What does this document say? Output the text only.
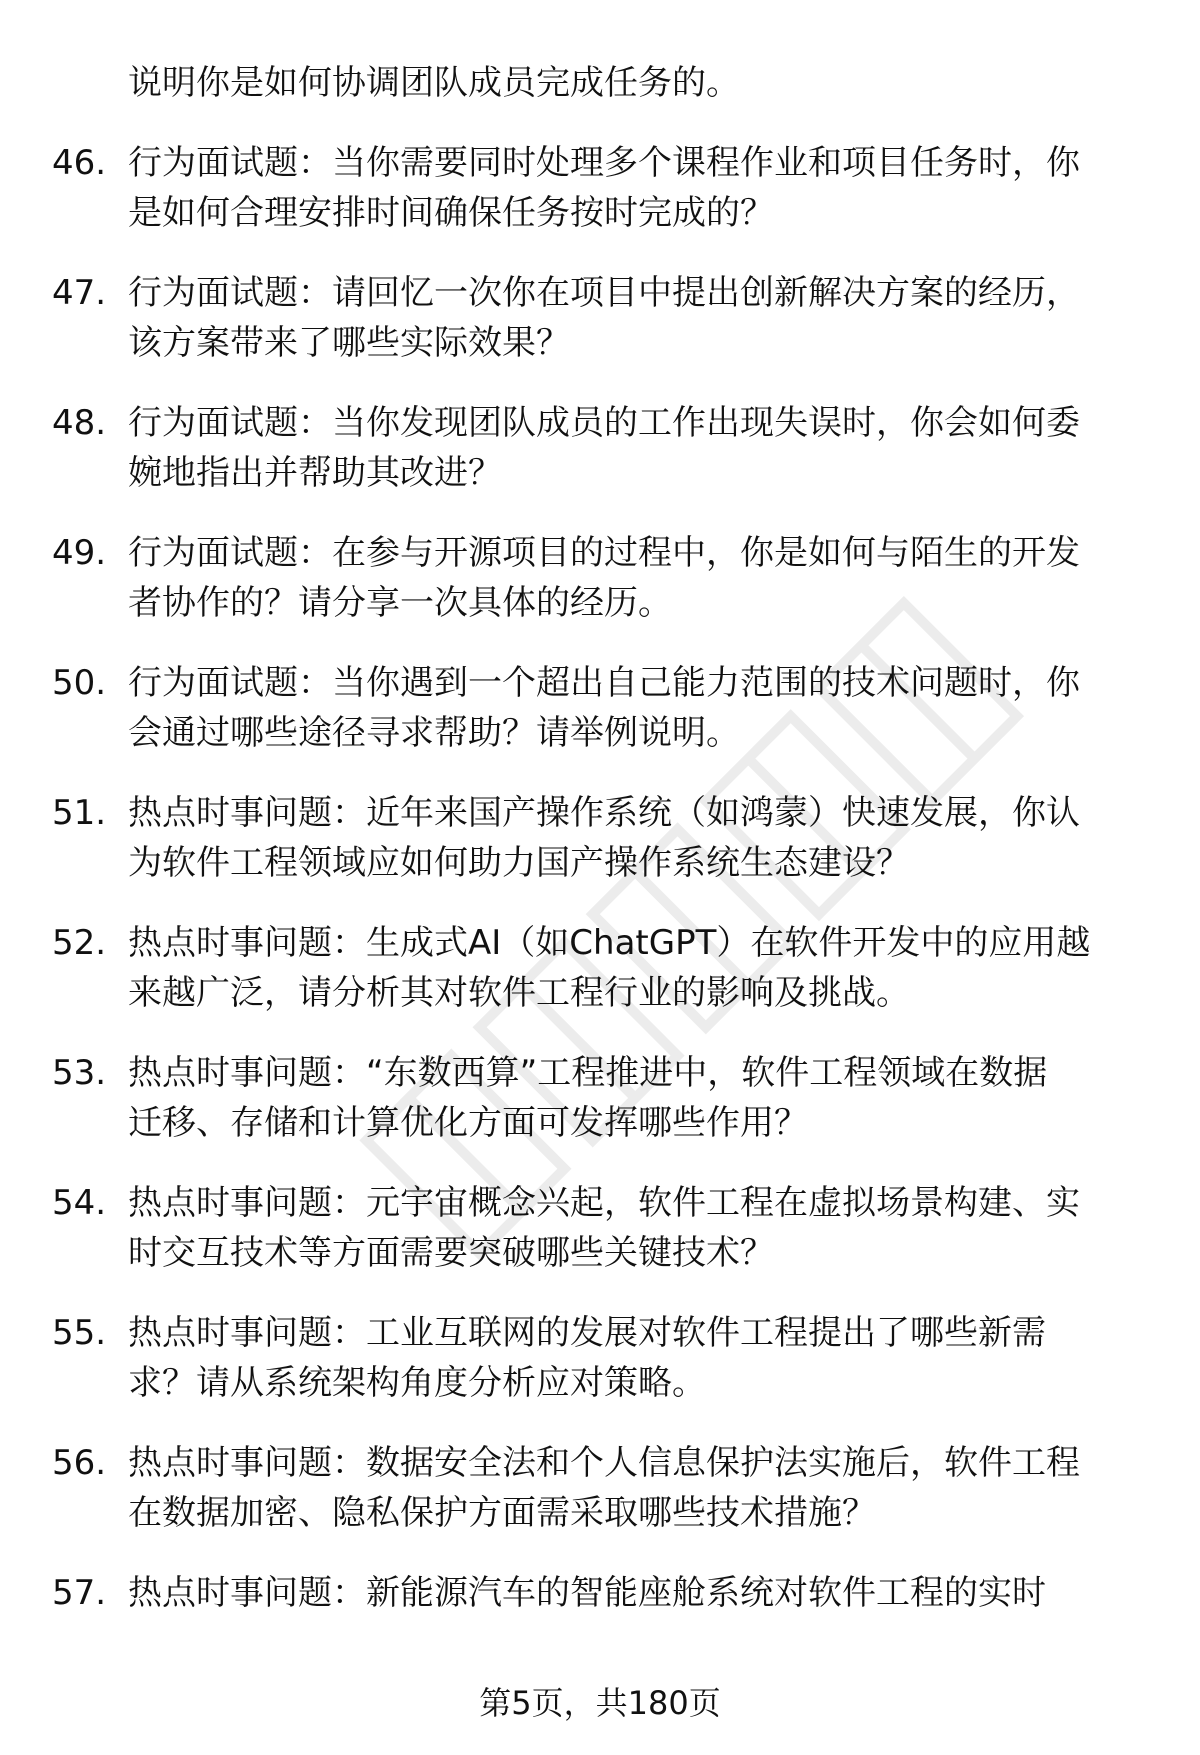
说明你是如何协调团队成员完成任务的。
46. 行为面试题：当你需要同时处理多个课程作业和项目任务时，你
是如何合理安排时间确保任务按时完成的？
47. 行为面试题：请回忆一次你在项目中提出创新解决方案的经历，
该方案带来了哪些实际效果？
48. 行为面试题：当你发现团队成员的工作出现失误时，你会如何委
婉地指出并帮助其改进？
49. 行为面试题：在参与开源项目的过程中，你是如何与陌生的开发
者协作的？请分享一次具体的经历。
50. 行为面试题：当你遇到一个超出自己能力范围的技术问题时，你
会通过哪些途径寻求帮助？请举例说明。
51. 热点时事问题：近年来国产操作系统（如鸿蒙）快速发展，你认
为软件工程领域应如何助力国产操作系统生态建设？
52. 热点时事问题：生成式AI（如ChatGPT）在软件开发中的应用越
来越广泛，请分析其对软件工程行业的影响及挑战。
53. 热点时事问题：“东数西算”工程推进中，软件工程领域在数据
迁移、存储和计算优化方面可发挥哪些作用？
54. 热点时事问题：元宇宙概念兴起，软件工程在虚拟场景构建、实
时交互技术等方面需要突破哪些关键技术？
55. 热点时事问题：工业互联网的发展对软件工程提出了哪些新需
求？请从系统架构角度分析应对策略。
56. 热点时事问题：数据安全法和个人信息保护法实施后，软件工程
在数据加密、隐私保护方面需采取哪些技术措施？
57. 热点时事问题：新能源汽车的智能座舱系统对软件工程的实时
第5页，共180页
